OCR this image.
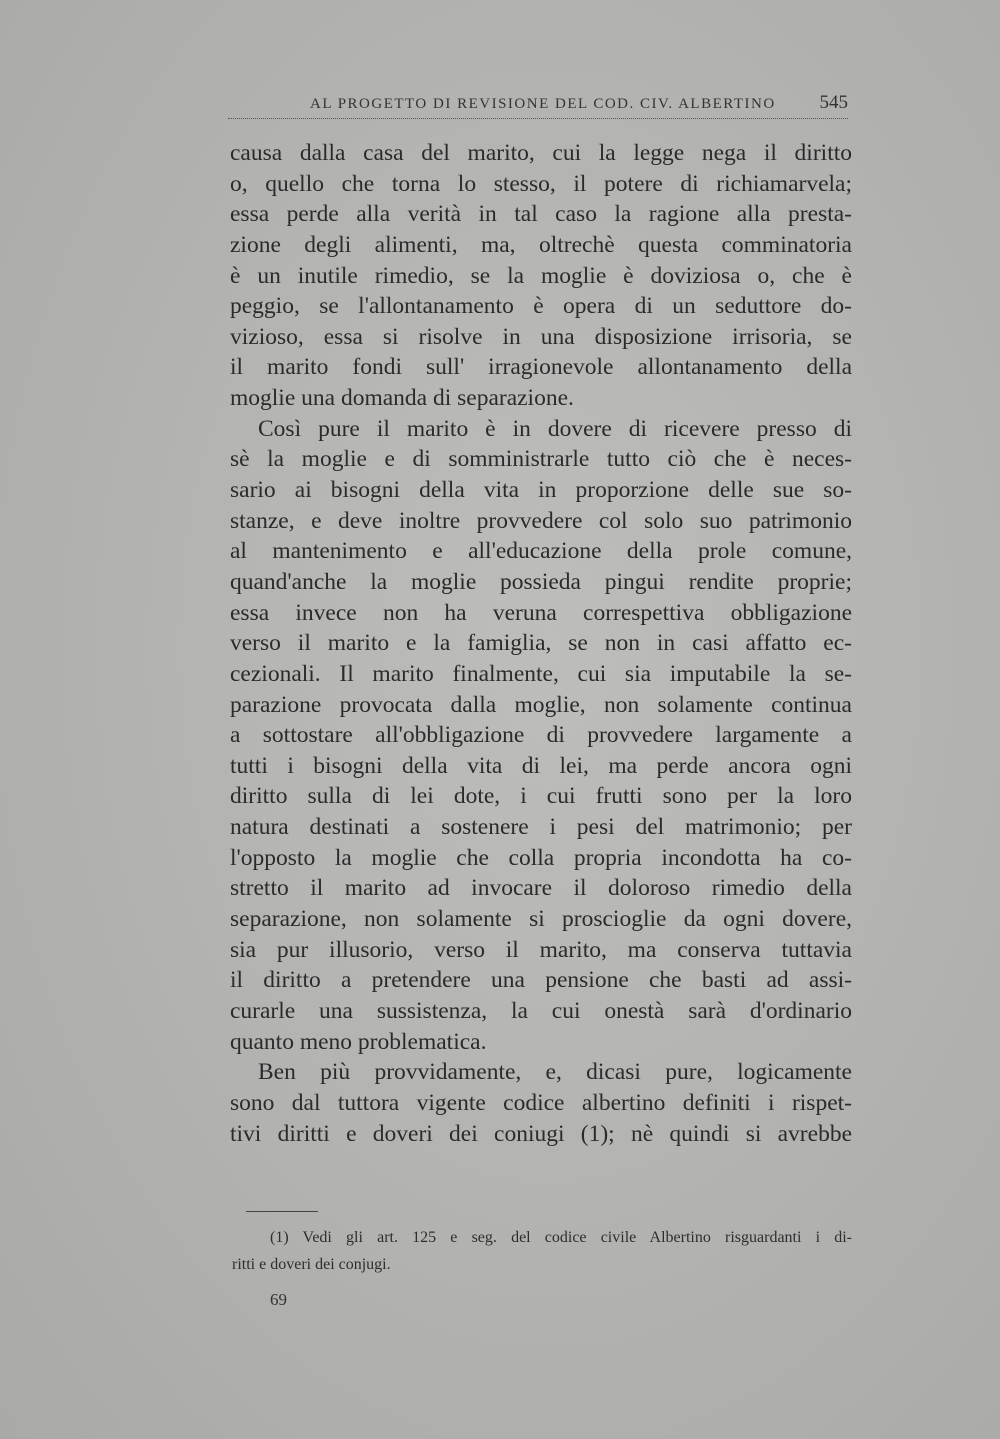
AL PROGETTO DI REVISIONE DEL COD. CIV. ALBERTINO 545
causa dalla casa del marito, cui la legge nega il diritto
o, quello che torna lo stesso, il potere di richiamarvela;
essa perde alla verità in tal caso la ragione alla presta-
zione degli alimenti, ma, oltrechè questa comminatoria
è un inutile rimedio, se la moglie è doviziosa o, che è
peggio, se l'allontanamento è opera di un seduttore do-
vizioso, essa si risolve in una disposizione irrisoria, se
il marito fondi sull' irragionevole allontanamento della
moglie una domanda di separazione.
Così pure il marito è in dovere di ricevere presso di
sè la moglie e di somministrarle tutto ciò che è neces-
sario ai bisogni della vita in proporzione delle sue so-
stanze, e deve inoltre provvedere col solo suo patrimonio
al mantenimento e all'educazione della prole comune,
quand'anche la moglie possieda pingui rendite proprie;
essa invece non ha veruna correspettiva obbligazione
verso il marito e la famiglia, se non in casi affatto ec-
cezionali. Il marito finalmente, cui sia imputabile la se-
parazione provocata dalla moglie, non solamente continua
a sottostare all'obbligazione di provvedere largamente a
tutti i bisogni della vita di lei, ma perde ancora ogni
diritto sulla di lei dote, i cui frutti sono per la loro
natura destinati a sostenere i pesi del matrimonio; per
l'opposto la moglie che colla propria incondotta ha co-
stretto il marito ad invocare il doloroso rimedio della
separazione, non solamente si proscioglie da ogni dovere,
sia pur illusorio, verso il marito, ma conserva tuttavia
il diritto a pretendere una pensione che basti ad assi-
curarle una sussistenza, la cui onestà sarà d'ordinario
quanto meno problematica.
Ben più provvidamente, e, dicasi pure, logicamente
sono dal tuttora vigente codice albertino definiti i rispet-
tivi diritti e doveri dei coniugi (1); nè quindi si avrebbe
(1) Vedi gli art. 125 e seg. del codice civile Albertino risguardanti i di-
ritti e doveri dei conjugi.
69
